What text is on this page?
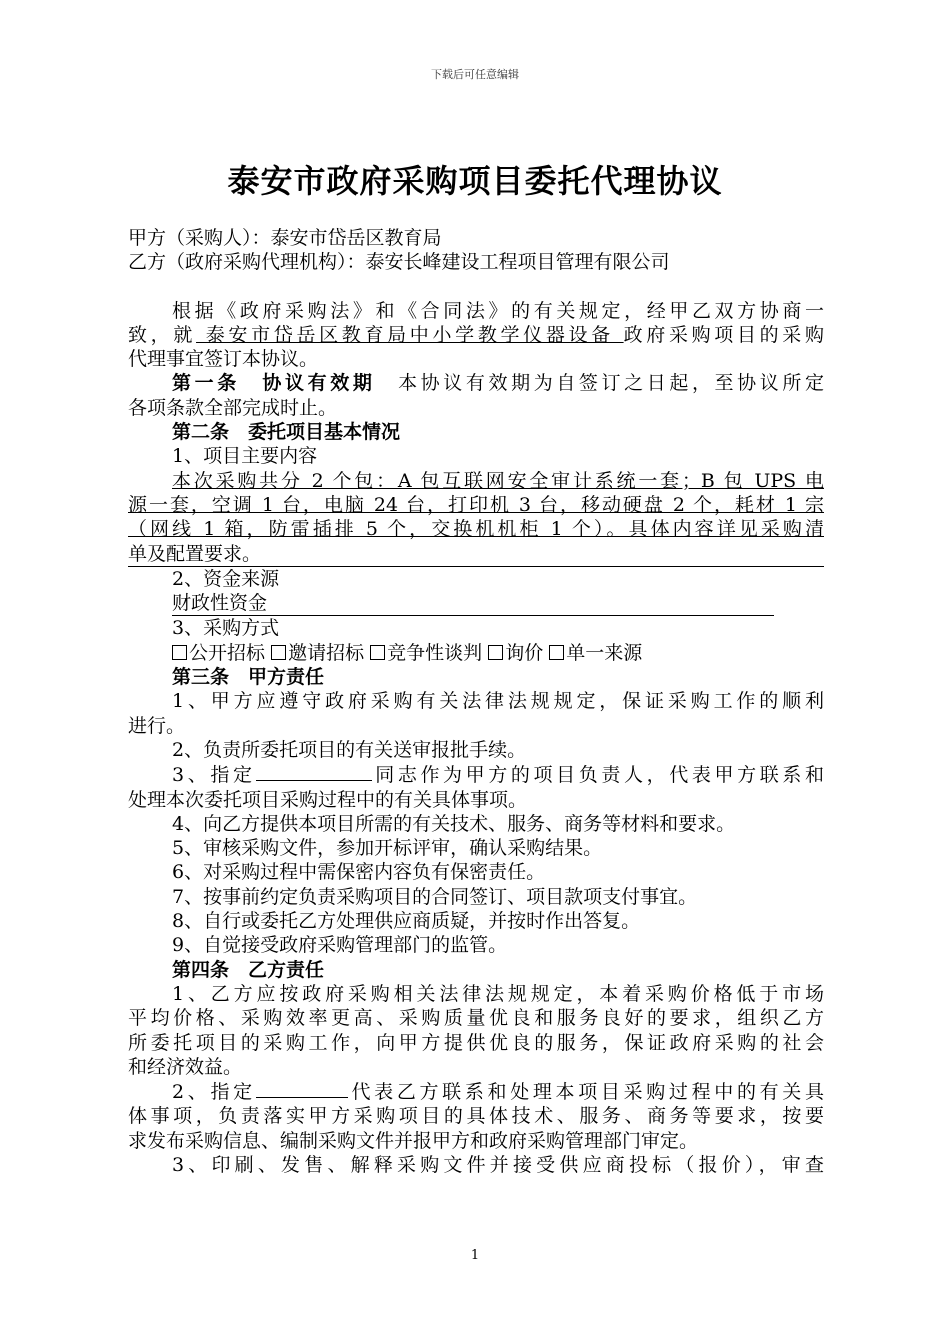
下载后可任意编辑
泰安市政府采购项目委托代理协议
甲方（采购人）：泰安市岱岳区教育局
乙方（政府采购代理机构）：泰安长峰建设工程项目管理有限公司
根据《政府采购法》和《合同法》的有关规定，经甲乙双方协商一
致，就 泰安市岱岳区教育局中小学教学仪器设备 政府采购项目的采购
代理事宜签订本协议。
第一条　协议有效期　本协议有效期为自签订之日起，至协议所定
各项条款全部完成时止。
第二条　委托项目基本情况
1、项目主要内容
本次采购共分 2 个包：A 包互联网安全审计系统一套；B 包 UPS 电
源一套，空调 1 台，电脑 24 台，打印机 3 台，移动硬盘 2 个，耗材 1 宗
（网线 1 箱，防雷插排 5 个，交换机机柜 1 个）。具体内容详见采购清
单及配置要求。
2、资金来源
财政性资金
3、采购方式
公开招标 邀请招标 竞争性谈判 询价 单一来源
第三条　甲方责任
1、甲方应遵守政府采购有关法律法规规定，保证采购工作的顺利
进行。
2、负责所委托项目的有关送审报批手续。
3、指定	同志作为甲方的项目负责人，代表甲方联系和
处理本次委托项目采购过程中的有关具体事项。
4、向乙方提供本项目所需的有关技术、服务、商务等材料和要求。
5、审核采购文件，参加开标评审，确认采购结果。
6、对采购过程中需保密内容负有保密责任。
7、按事前约定负责采购项目的合同签订、项目款项支付事宜。
8、自行或委托乙方处理供应商质疑，并按时作出答复。
9、自觉接受政府采购管理部门的监管。
第四条　乙方责任
1、乙方应按政府采购相关法律法规规定，本着采购价格低于市场
平均价格、采购效率更高、采购质量优良和服务良好的要求，组织乙方
所委托项目的采购工作，向甲方提供优良的服务，保证政府采购的社会
和经济效益。
2、指定	代表乙方联系和处理本项目采购过程中的有关具
体事项，负责落实甲方采购项目的具体技术、服务、商务等要求，按要
求发布采购信息、编制采购文件并报甲方和政府采购管理部门审定。
3、印刷、发售、解释采购文件并接受供应商投标（报价），审查
1
